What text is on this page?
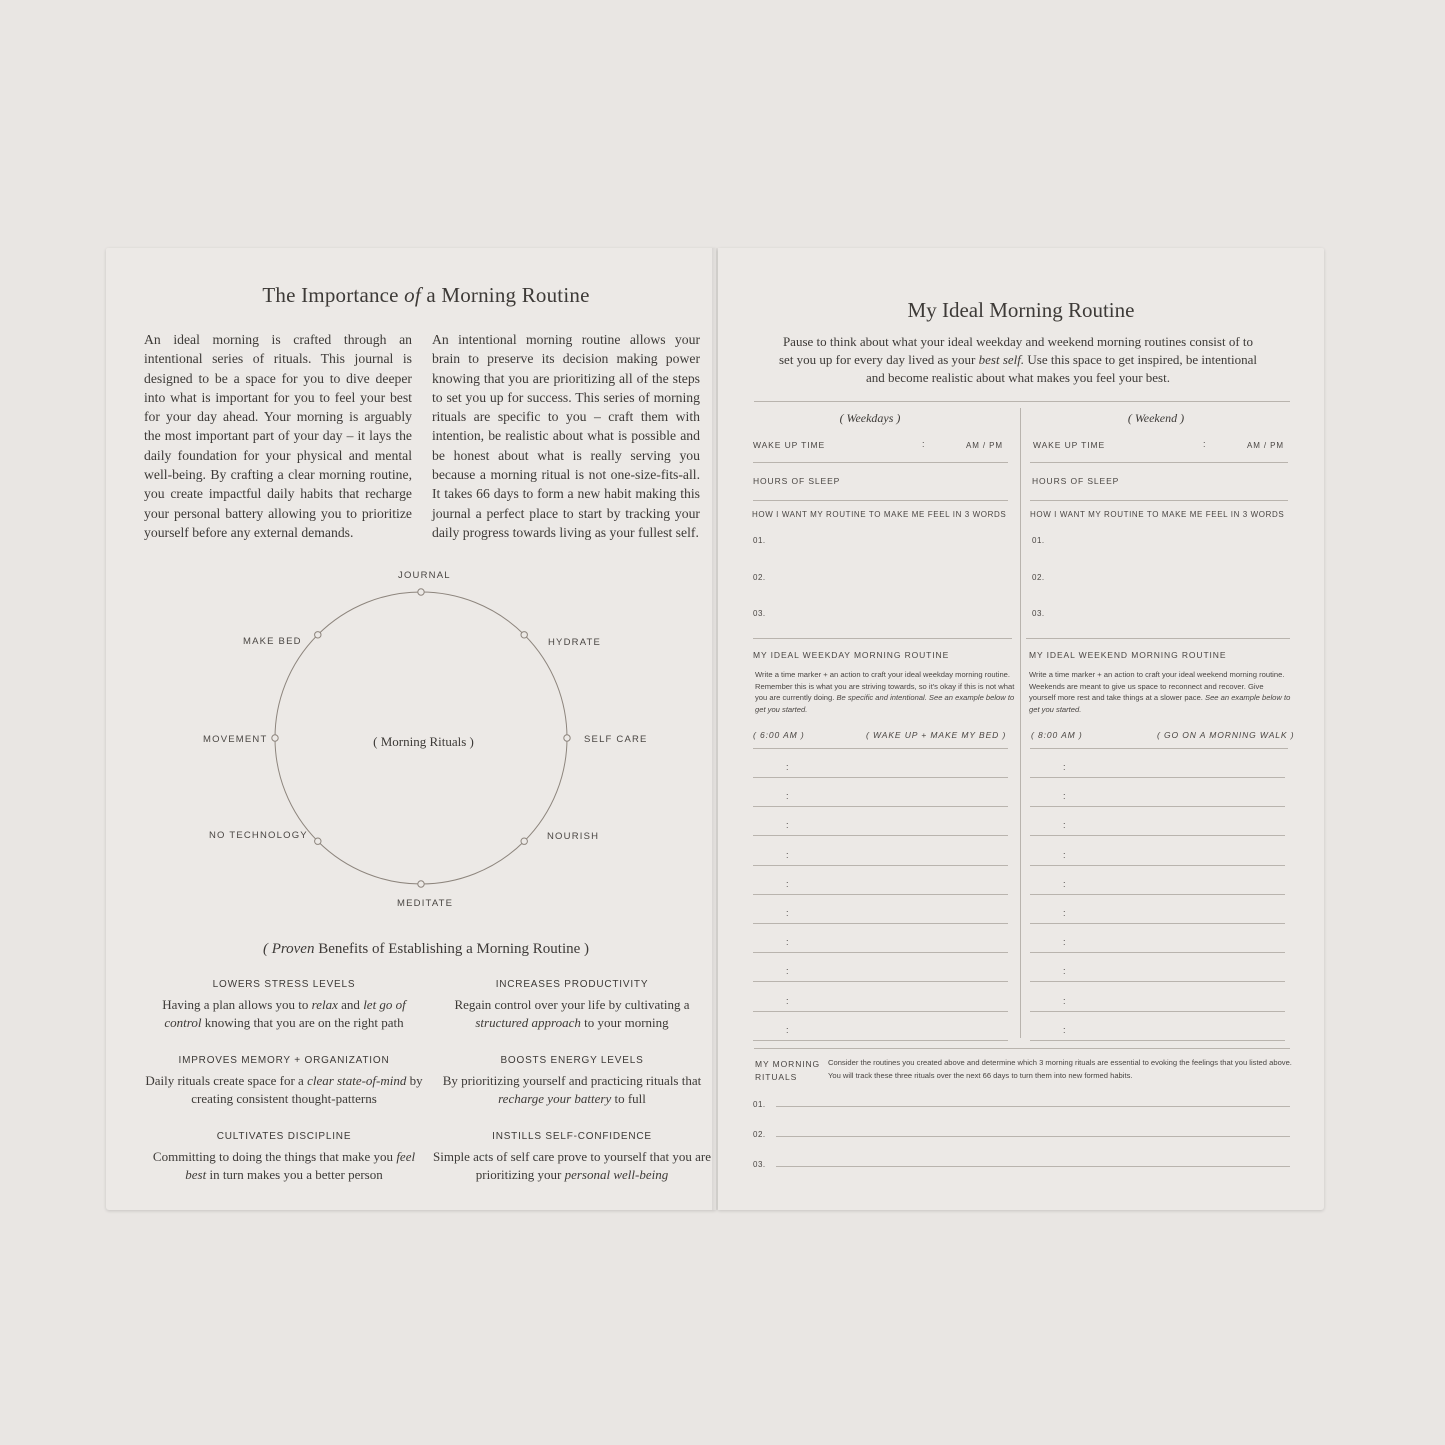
The Importance of a Morning Routine
An ideal morning is crafted through an intentional series of rituals. This journal is designed to be a space for you to dive deeper into what is important for you to feel your best for your day ahead. Your morning is arguably the most important part of your day – it lays the daily foundation for your physical and mental well-being. By crafting a clear morning routine, you create impactful daily habits that recharge your personal battery allowing you to prioritize yourself before any external demands.
An intentional morning routine allows your brain to preserve its decision making power knowing that you are prioritizing all of the steps to set you up for success. This series of morning rituals are specific to you – craft them with intention, be realistic about what is possible and be honest about what is really serving you because a morning ritual is not one-size-fits-all. It takes 66 days to form a new habit making this journal a perfect place to start by tracking your daily progress towards living as your fullest self.
( Morning Rituals )
JOURNAL
HYDRATE
SELF CARE
NOURISH
MEDITATE
NO TECHNOLOGY
MOVEMENT
MAKE BED
( Proven Benefits of Establishing a Morning Routine )
LOWERS STRESS LEVELS
Having a plan allows you to relax and let go of control knowing that you are on the right path
INCREASES PRODUCTIVITY
Regain control over your life by cultivating a structured approach to your morning
IMPROVES MEMORY + ORGANIZATION
Daily rituals create space for a clear state-of-mind by creating consistent thought-patterns
BOOSTS ENERGY LEVELS
By prioritizing yourself and practicing rituals that recharge your battery to full
CULTIVATES DISCIPLINE
Committing to doing the things that make you feel best in turn makes you a better person
INSTILLS SELF-CONFIDENCE
Simple acts of self care prove to yourself that you are prioritizing your personal well-being
My Ideal Morning Routine
Pause to think about what your ideal weekday and weekend morning routines consist of to set you up for every day lived as your best self. Use this space to get inspired, be intentional and become realistic about what makes you feel your best.
( Weekdays )
WAKE UP TIME	:	AM / PM
HOURS OF SLEEP
HOW I WANT MY ROUTINE TO MAKE ME FEEL IN 3 WORDS
01.
02.
03.
MY IDEAL WEEKDAY MORNING ROUTINE
Write a time marker + an action to craft your ideal weekday morning routine. Remember this is what you are striving towards, so it's okay if this is not what you are currently doing. Be specific and intentional. See an example below to get you started.
( 6:00 AM )	( WAKE UP + MAKE MY BED )
( Weekend )
WAKE UP TIME	:	AM / PM
HOURS OF SLEEP
HOW I WANT MY ROUTINE TO MAKE ME FEEL IN 3 WORDS
01.
02.
03.
MY IDEAL WEEKEND MORNING ROUTINE
Write a time marker + an action to craft your ideal weekend morning routine. Weekends are meant to give us space to reconnect and recover. Give yourself more rest and take things at a slower pace. See an example below to get you started.
( 8:00 AM )	( GO ON A MORNING WALK )
:	:
:	:
:	:
:	:
:	:
:	:
:	:
:	:
:	:
:	:
MY MORNING
RITUALS
Consider the routines you created above and determine which 3 morning rituals are essential to evoking the feelings that you listed above. You will track these three rituals over the next 66 days to turn them into new formed habits.
01.
02.
03.
